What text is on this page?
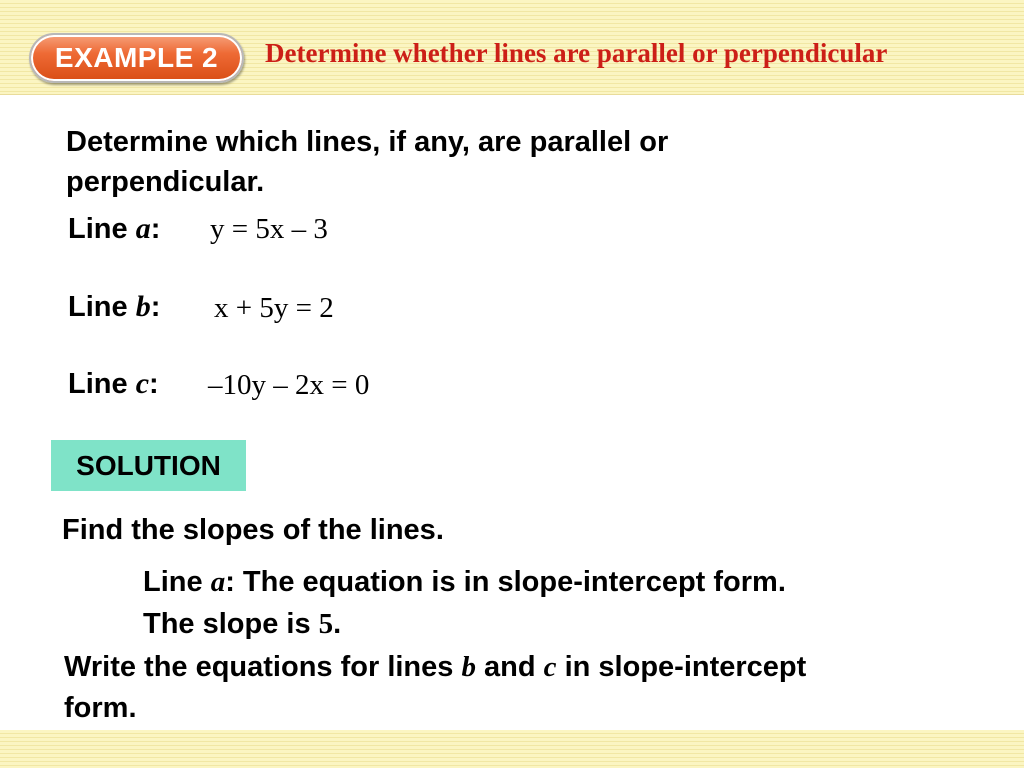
EXAMPLE 2	Determine whether lines are parallel or perpendicular
Determine which lines, if any, are parallel or
perpendicular.
Line a: y = 5x – 3
Line b: x + 5y = 2
Line c: –10y – 2x = 0
SOLUTION
Find the slopes of the lines.
Line a: The equation is in slope-intercept form.
The slope is 5.
Write the equations for lines b and c in slope-intercept
form.
